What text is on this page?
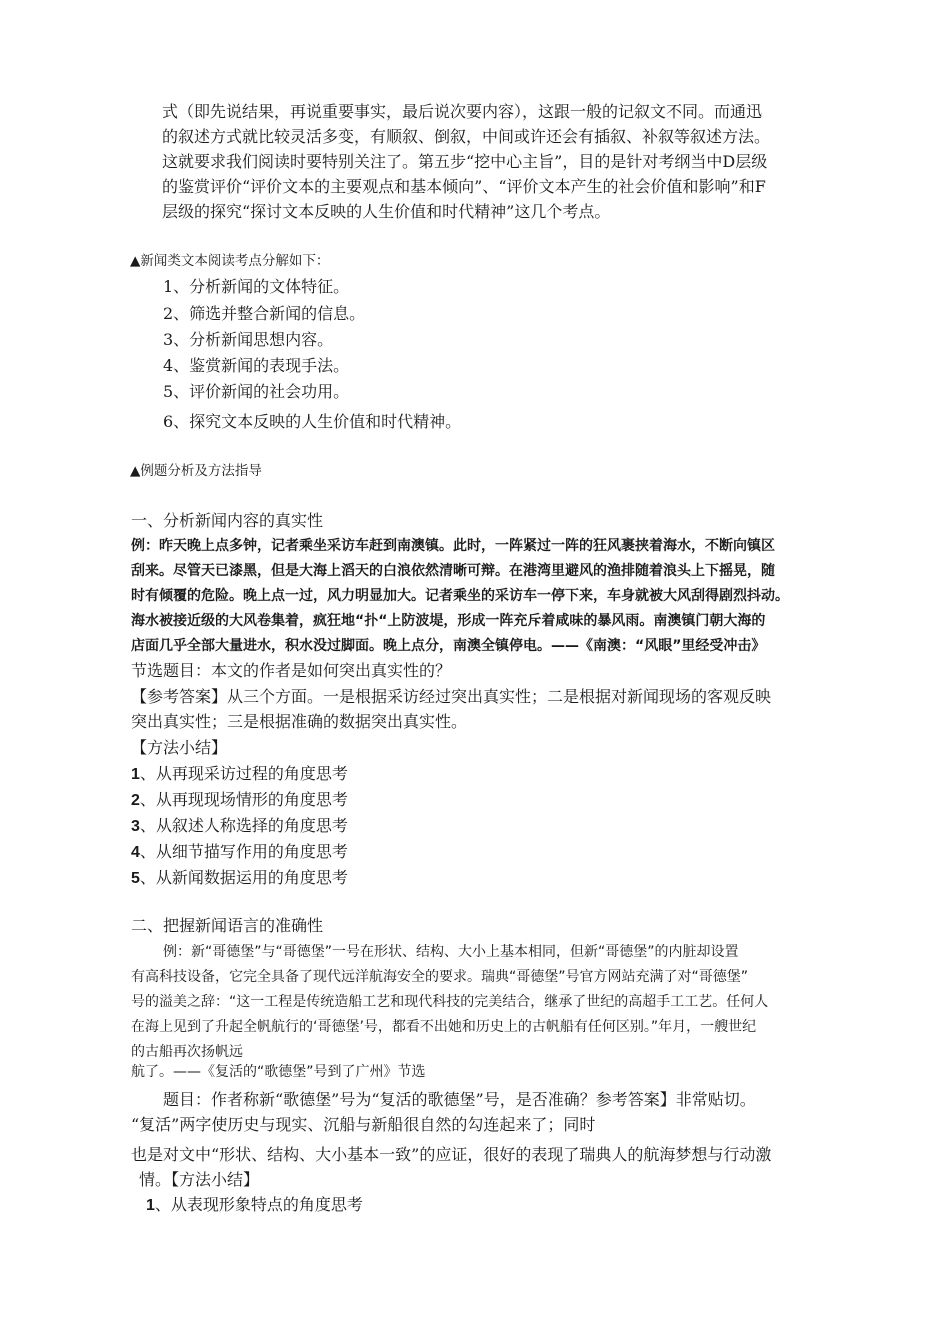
式（即先说结果，再说重要事实，最后说次要内容），这跟一般的记叙文不同。而通迅
的叙述方式就比较灵活多变，有顺叙、倒叙，中间或许还会有插叙、补叙等叙述方法。
这就要求我们阅读时要特别关注了。第五步“挖中心主旨”，目的是针对考纲当中D层级
的鉴赏评价“评价文本的主要观点和基本倾向”、“评价文本产生的社会价值和影响”和F
层级的探究“探讨文本反映的人生价值和时代精神”这几个考点。
▲新闻类文本阅读考点分解如下：
1、分析新闻的文体特征。
2、筛选并整合新闻的信息。
3、分析新闻思想内容。
4、鉴赏新闻的表现手法。
5、评价新闻的社会功用。
6、探究文本反映的人生价值和时代精神。
▲例题分析及方法指导
一、分析新闻内容的真实性
例：昨天晚上点多钟，记者乘坐采访车赶到南澳镇。此时，一阵紧过一阵的狂风裹挟着海水，不断向镇区
刮来。尽管天已漆黑，但是大海上滔天的白浪依然清晰可辩。在港湾里避风的渔排随着浪头上下摇晃，随
时有倾覆的危险。晚上点一过，风力明显加大。记者乘坐的采访车一停下来，车身就被大风刮得剧烈抖动。
海水被接近级的大风卷集着，疯狂地“扑“上防波堤，形成一阵充斥着咸味的暴风雨。南澳镇门朝大海的
店面几乎全部大量进水，积水没过脚面。晚上点分，南澳全镇停电。——《南澳：“风眼”里经受冲击》
节选题目：本文的作者是如何突出真实性的？
【参考答案】从三个方面。一是根据采访经过突出真实性；二是根据对新闻现场的客观反映
突出真实性；三是根据准确的数据突出真实性。
【方法小结】
1、从再现采访过程的角度思考
2、从再现现场情形的角度思考
3、从叙述人称选择的角度思考
4、从细节描写作用的角度思考
5、从新闻数据运用的角度思考
二、把握新闻语言的准确性
例：新“哥德堡”与“哥德堡”一号在形状、结构、大小上基本相同，但新“哥德堡”的内脏却设置
有高科技设备，它完全具备了现代远洋航海安全的要求。瑞典“哥德堡”号官方网站充满了对“哥德堡”
号的溢美之辞：“这一工程是传统造船工艺和现代科技的完美结合，继承了世纪的高超手工工艺。任何人
在海上见到了升起全帆航行的‘哥德堡’号，都看不出她和历史上的古帆船有任何区别。”年月，一艘世纪
的古船再次扬帆远
航了。——《复活的“歌德堡”号到了广州》节选
题目：作者称新“歌德堡”号为“复活的歌德堡”号，是否准确？参考答案】非常贴切。
“复活”两字使历史与现实、沉船与新船很自然的勾连起来了；同时
也是对文中“形状、结构、大小基本一致”的应证，很好的表现了瑞典人的航海梦想与行动激
情。【方法小结】
1、从表现形象特点的角度思考
